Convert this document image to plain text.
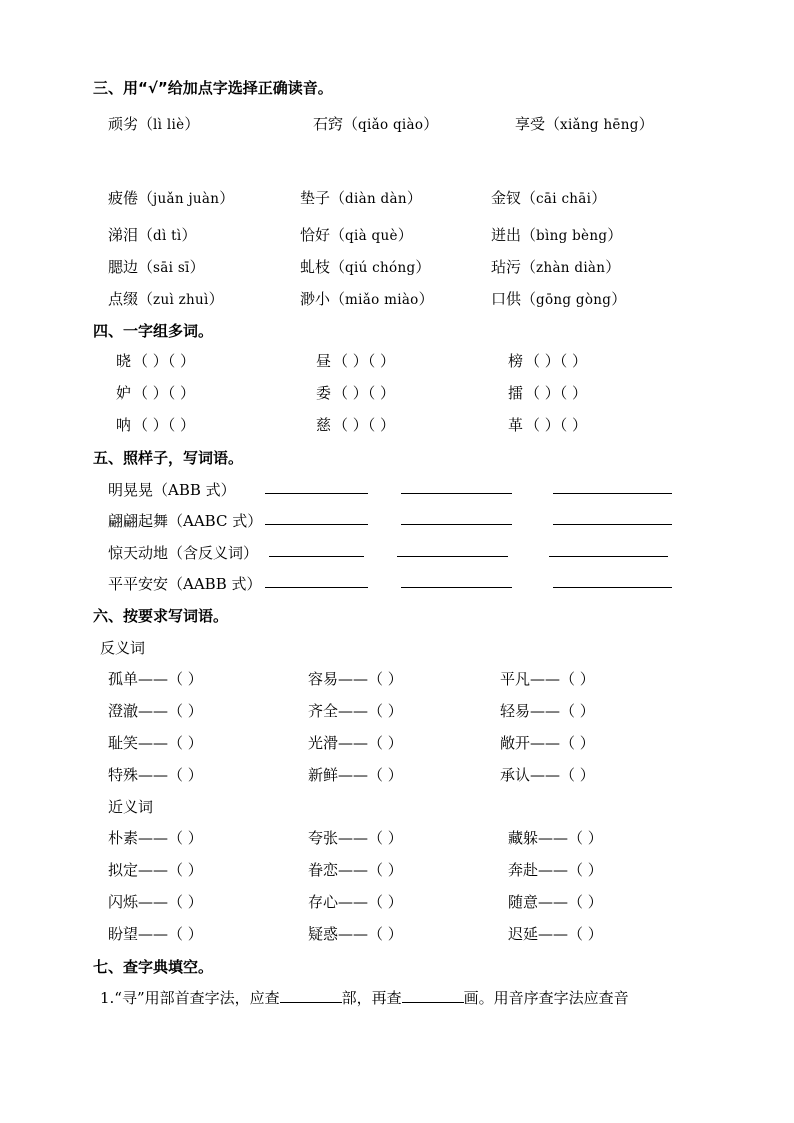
三、用“√”给加点字选择正确读音。
顽劣（lì liè）	石窍（qiǎo qiào）	享受（xiǎng hēng）
疲倦（juǎn juàn）	垫子（diàn dàn）	金钗（cāi chāi）
涕泪（dì tì）	恰好（qià què）	迸出（bìng bèng）
腮边（sāi sī）	虬枝（qiú chóng）	玷污（zhàn diàn）
点缀（zuì zhuì）	渺小（miǎo miào）	口供（gōng gòng）
四、一字组多词。
晓 （ ）（ ）	昼 （ ）（ ）	榜 （ ）（ ）
妒 （ ）（ ）	委 （ ）（ ）	擂 （ ）（ ）
呐 （ ）（ ）	慈 （ ）（ ）	革 （ ）（ ）
五、照样子，写词语。
明晃晃（ABB 式）
翩翩起舞（AABC 式）
惊天动地（含反义词）
平平安安（AABB 式）
六、按要求写词语。
反义词
孤单——（ ）	容易——（ ）	平凡——（ ）
澄澈——（ ）	齐全——（ ）	轻易——（ ）
耻笑——（ ）	光滑——（ ）	敞开——（ ）
特殊——（ ）	新鲜——（ ）	承认——（ ）
近义词
朴素——（ ）	夸张——（ ）	藏躲——（ ）
拟定——（ ）	眷恋——（ ）	奔赴——（ ）
闪烁——（ ）	存心——（ ）	随意——（ ）
盼望——（ ）	疑惑——（ ）	迟延——（ ）
七、查字典填空。
1.“寻”用部首查字法，应查	部，再查	画。用音序查字法应查音
